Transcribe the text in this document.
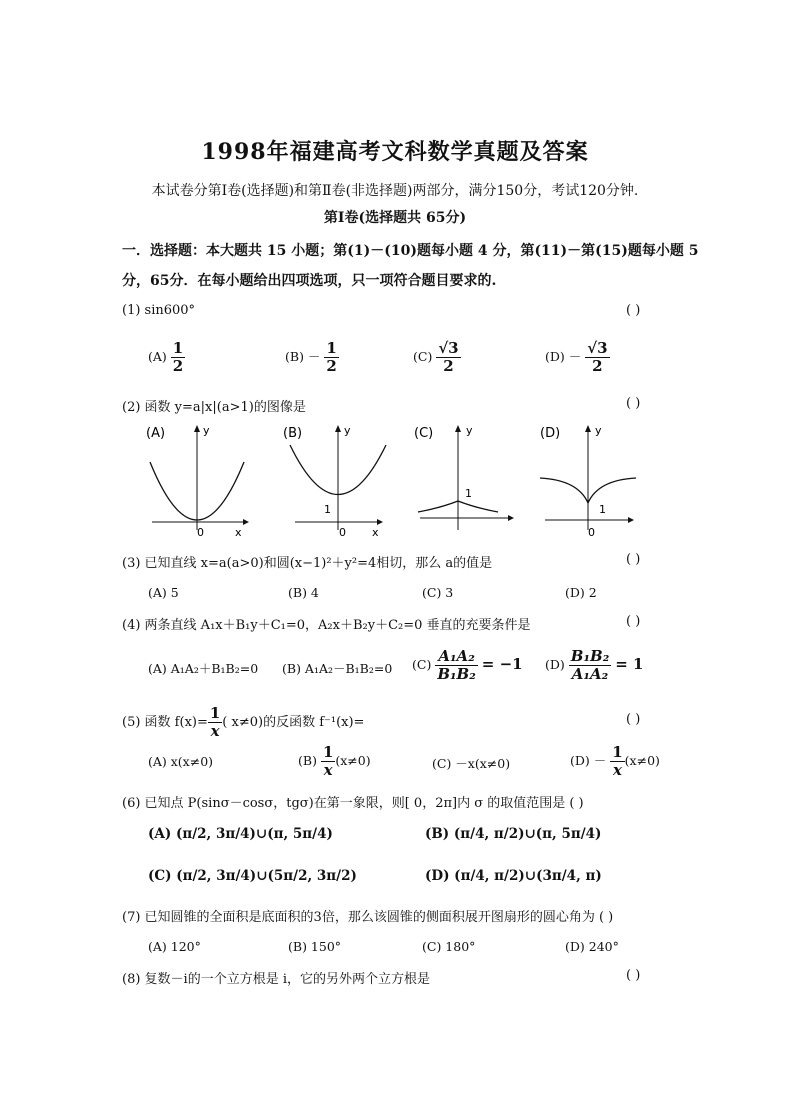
1998年福建高考文科数学真题及答案
本试卷分第Ⅰ卷(选择题)和第Ⅱ卷(非选择题)两部分，满分150分，考试120分钟.
第Ⅰ卷(选择题共 65分)
一．选择题：本大题共 15 小题；第(1)－(10)题每小题 4 分，第(11)－第(15)题每小题 5
分，65分．在每小题给出四项选项，只一项符合题目要求的.
(1) sin600°	( )
$(A) \frac{1}{2}$	$(B) - \frac{1}{2}$	$(C) \frac{√3}{2}$	$(D) - \frac{√3}{2}$
(2) 函数 y=a|x|(a>1)的图像是	( )
(A)	y
x
0
(B)	y
x
0
1
(C)	y
1
(D)	y
0
1
(3) 已知直线 x=a(a>0)和圆(x−1)²＋y²=4相切，那么 a的值是	( )
(A) 5	(B) 4	(C) 3	(D) 2
(4) 两条直线 A₁x＋B₁y＋C₁=0，A₂x＋B₂y＋C₂=0 垂直的充要条件是	( )
(A) A₁A₂＋B₁B₂=0 (B) A₁A₂－B₁B₂=0 $(C) \frac{\text{A₁A₂}}{\text{B₁B₂}} = -1$ $(D) \frac{\text{B₁B₂}}{\text{A₁A₂}} = 1$
(5) 函数 $f(x)= \frac{1}{x}$ ( x≠0)的反函数 f⁻¹(x)=	( )
(A) x(x≠0)	$(B) \frac{1}{x} (x\ne 0)$	(C) －x(x≠0)	$(D) - \frac{1}{x} (x\ne 0)$
(6) 已知点 P(sinσ－cosσ，tgσ)在第一象限，则[ 0，2π]内 σ 的取值范围是 ( )
(A) (π/2, 3π/4)∪(π, 5π/4)	(B) (π/4, π/2)∪(π, 5π/4)
(C) (π/2, 3π/4)∪(5π/2, 3π/2)	(D) (π/4, π/2)∪(3π/4, π)
(7) 已知圆锥的全面积是底面积的3倍，那么该圆锥的侧面积展开图扇形的圆心角为 ( )
(A) 120°	(B) 150°	(C) 180°	(D) 240°
(8) 复数－i的一个立方根是 i，它的另外两个立方根是	( )
